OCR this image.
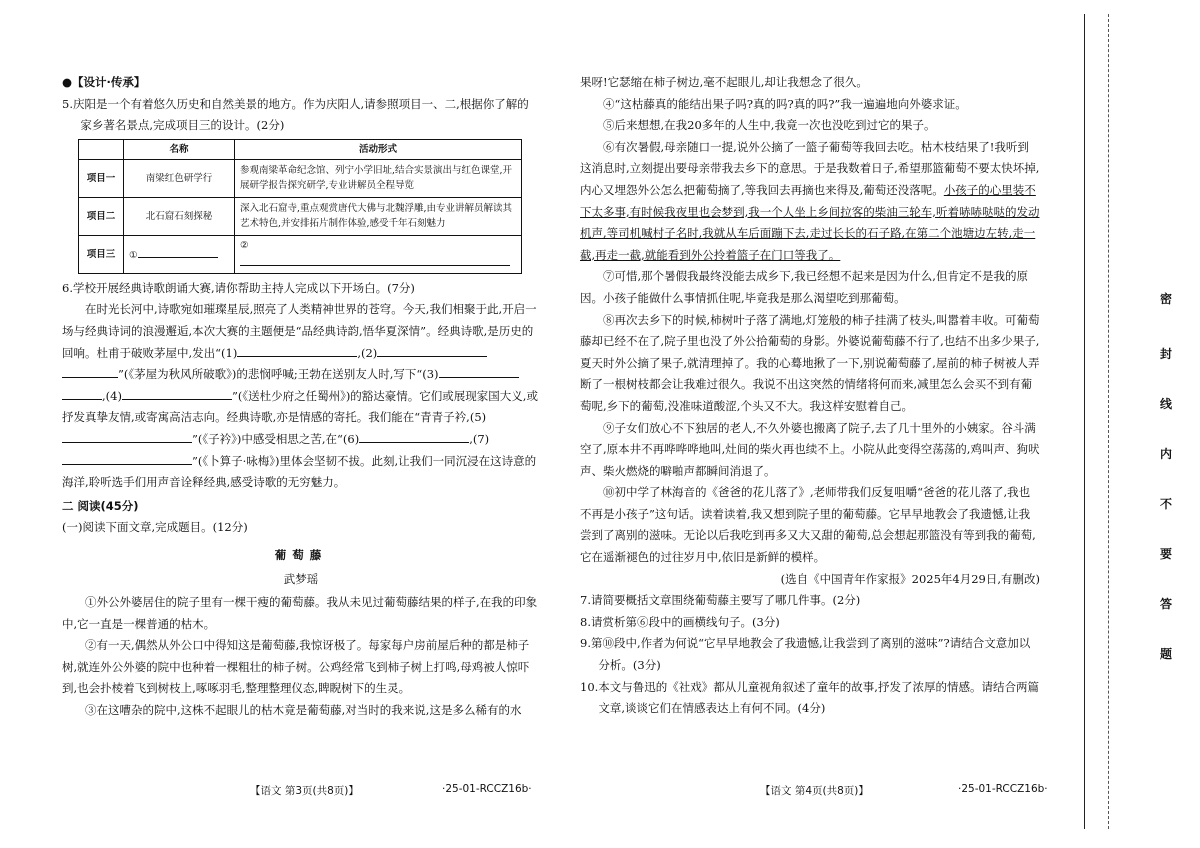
●【设计·传承】

5.庆阳是一个有着悠久历史和自然美景的地方。作为庆阳人,请参照项目一、二,根据你了解的家乡著名景点,完成项目三的设计。(2分)

	名称	活动形式
项目一	南梁红色研学行	参观南梁革命纪念馆、列宁小学旧址,结合实景演出与红色课堂,开展研学报告探究研学,专业讲解员全程导览
项目二	北石窟石刻探秘	深入北石窟寺,重点观赏唐代大佛与北魏浮雕,由专业讲解员解读其艺术特色,并安排拓片制作体验,感受千年石刻魅力
项目三	①	②

6.学校开展经典诗歌朗诵大赛,请你帮助主持人完成以下开场白。(7分)

在时光长河中,诗歌宛如璀璨星辰,照亮了人类精神世界的苍穹。今天,我们相聚于此,开启一场与经典诗词的浪漫邂逅,本次大赛的主题便是“品经典诗韵,悟华夏深情”。经典诗歌,是历史的回响。杜甫于破败茅屋中,发出“(1)	,(2)
”(《茅屋为秋风所破歌》)的悲悯呼喊;王勃在送别友人时,写下“(3)
,(4)	”(《送杜少府之任蜀州》)的豁达豪情。它们或展现家国大义,或抒发真挚友情,或寄寓高洁志向。经典诗歌,亦是情感的寄托。我们能在“青青子衿,(5)”(《子衿》)中感受相思之苦,在“(6)	,(7)”(《卜算子·咏梅》)里体会坚韧不拔。此刻,让我们一同沉浸在这诗意的海洋,聆听选手们用声音诠释经典,感受诗歌的无穷魅力。

二 阅读(45分)

(一)阅读下面文章,完成题目。(12分)

葡萄藤
武梦瑶

①外公外婆居住的院子里有一棵干瘦的葡萄藤。我从未见过葡萄藤结果的样子,在我的印象中,它一直是一棵普通的枯木。

②有一天,偶然从外公口中得知这是葡萄藤,我惊讶极了。每家每户房前屋后种的都是柿子树,就连外公外婆的院中也种着一棵粗壮的柿子树。公鸡经常飞到柿子树上打鸣,母鸡被人惊吓到,也会扑棱着飞到树枝上,啄啄羽毛,整理整理仪态,睥睨树下的生灵。

③在这嘈杂的院中,这株不起眼儿的枯木竟是葡萄藤,对当时的我来说,这是多么稀有的水

【语文 第3页(共8页)】	·25-01-RCCZ16b·

果呀!它瑟缩在柿子树边,毫不起眼儿,却让我想念了很久。

④“这枯藤真的能结出果子吗?真的吗?真的吗?”我一遍遍地向外婆求证。

⑤后来想想,在我20多年的人生中,我竟一次也没吃到过它的果子。

⑥有次暑假,母亲随口一提,说外公摘了一篮子葡萄等我回去吃。枯木枝结果了!我听到这消息时,立刻提出要母亲带我去乡下的意思。于是我数着日子,希望那篮葡萄不要太快坏掉,内心又埋怨外公怎么把葡萄摘了,等我回去再摘也来得及,葡萄还没落呢。小孩子的心里装不下太多事,有时候我夜里也会梦到,我一个人坐上乡间拉客的柴油三轮车,听着哧哧哒哒的发动机声,等司机喊村子名时,我就从车后面蹦下去,走过长长的石子路,在第二个池塘边左转,走一截,再走一截,就能看到外公拎着篮子在门口等我了。

⑦可惜,那个暑假我最终没能去成乡下,我已经想不起来是因为什么,但肯定不是我的原因。小孩子能做什么事情抓住呢,毕竟我是那么渴望吃到那葡萄。

⑧再次去乡下的时候,柿树叶子落了满地,灯笼般的柿子挂满了枝头,叫嚣着丰收。可葡萄藤却已经不在了,院子里也没了外公拾葡萄的身影。外婆说葡萄藤不行了,也结不出多少果子,夏天时外公摘了果子,就清理掉了。我的心蓦地揪了一下,别说葡萄藤了,屋前的柿子树被人弄断了一根树枝都会让我难过很久。我说不出这突然的情绪将何而来,减里怎么会买不到有葡萄呢,乡下的葡萄,没准味道酸涩,个头又不大。我这样安慰着自己。

⑨子女们放心不下独居的老人,不久外婆也搬离了院子,去了几十里外的小姨家。谷斗满空了,原本井不再哗哗哗地叫,灶间的柴火再也续不上。小院从此变得空荡荡的,鸡叫声、狗吠声、柴火燃烧的噼啪声都瞬间消退了。

⑩初中学了林海音的《爸爸的花儿落了》,老师带我们反复咀嚼“爸爸的花儿落了,我也不再是小孩子”这句话。读着读着,我又想到院子里的葡萄藤。它早早地教会了我遗憾,让我尝到了离别的滋味。无论以后我吃到再多又大又甜的葡萄,总会想起那篮没有等到我的葡萄,它在遥渐褪色的过往岁月中,依旧是新鲜的模样。

(选自《中国青年作家报》2025年4月29日,有删改)

7.请简要概括文章围绕葡萄藤主要写了哪几件事。(2分)

8.请赏析第⑥段中的画横线句子。(3分)

9.第⑩段中,作者为何说“它早早地教会了我遗憾,让我尝到了离别的滋味”?请结合文意加以分析。(3分)

10.本文与鲁迅的《社戏》都从儿童视角叙述了童年的故事,抒发了浓厚的情感。请结合两篇文章,谈谈它们在情感表达上有何不同。(4分)

【语文 第4页(共8页)】	·25-01-RCCZ16b·
密
封
线
内
不
要
答
题
